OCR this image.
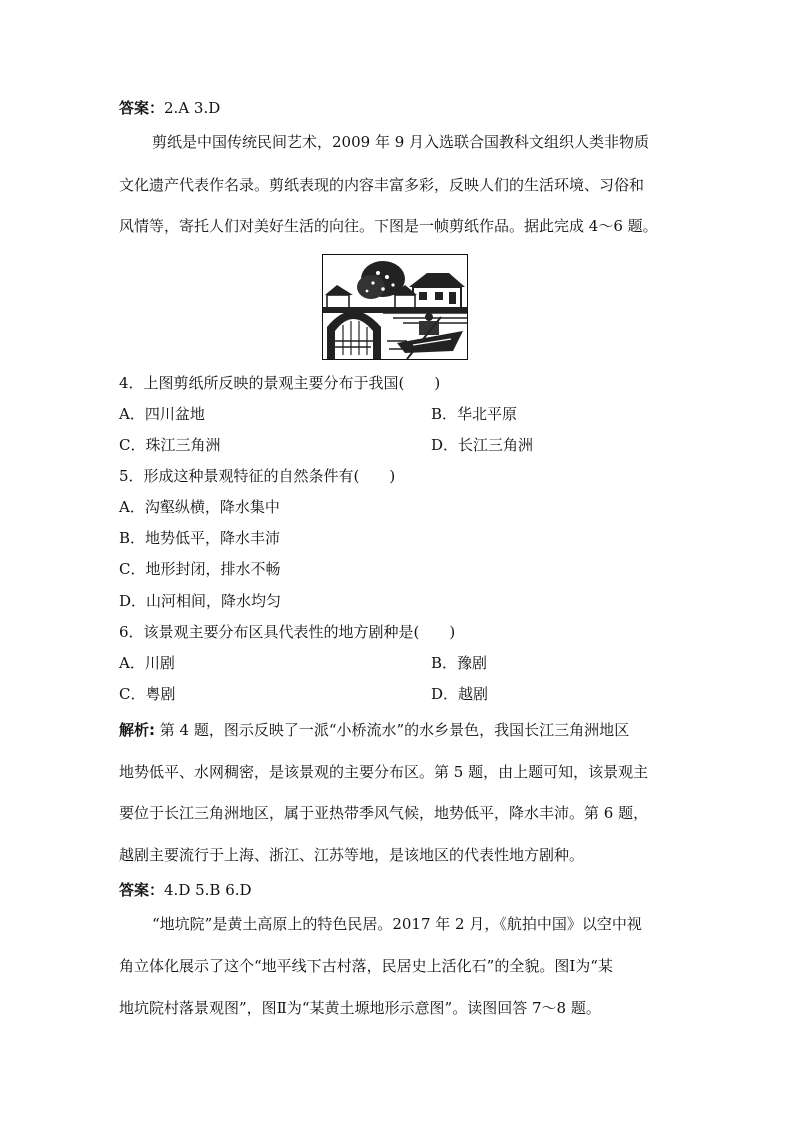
答案：2.A 3.D
剪纸是中国传统民间艺术，2009 年 9 月入选联合国教科文组织人类非物质
文化遗产代表作名录。剪纸表现的内容丰富多彩，反映人们的生活环境、习俗和
风情等，寄托人们对美好生活的向往。下图是一帧剪纸作品。据此完成 4～6 题。
4．上图剪纸所反映的景观主要分布于我国(　　)
A．四川盆地	B．华北平原
C．珠江三角洲	D．长江三角洲
5．形成这种景观特征的自然条件有(　　)
A．沟壑纵横，降水集中
B．地势低平，降水丰沛
C．地形封闭，排水不畅
D．山河相间，降水均匀
6．该景观主要分布区具代表性的地方剧种是(　　)
A．川剧	B．豫剧
C．粤剧	D．越剧
解析: 第 4 题，图示反映了一派“小桥流水”的水乡景色，我国长江三角洲地区
地势低平、水网稠密，是该景观的主要分布区。第 5 题，由上题可知，该景观主
要位于长江三角洲地区，属于亚热带季风气候，地势低平，降水丰沛。第 6 题，
越剧主要流行于上海、浙江、江苏等地，是该地区的代表性地方剧种。
答案：4.D 5.B 6.D
“地坑院”是黄土高原上的特色民居。2017 年 2 月，《航拍中国》以空中视
角立体化展示了这个“地平线下古村落，民居史上活化石”的全貌。图Ⅰ为“某
地坑院村落景观图”，图Ⅱ为“某黄土塬地形示意图”。读图回答 7～8 题。
